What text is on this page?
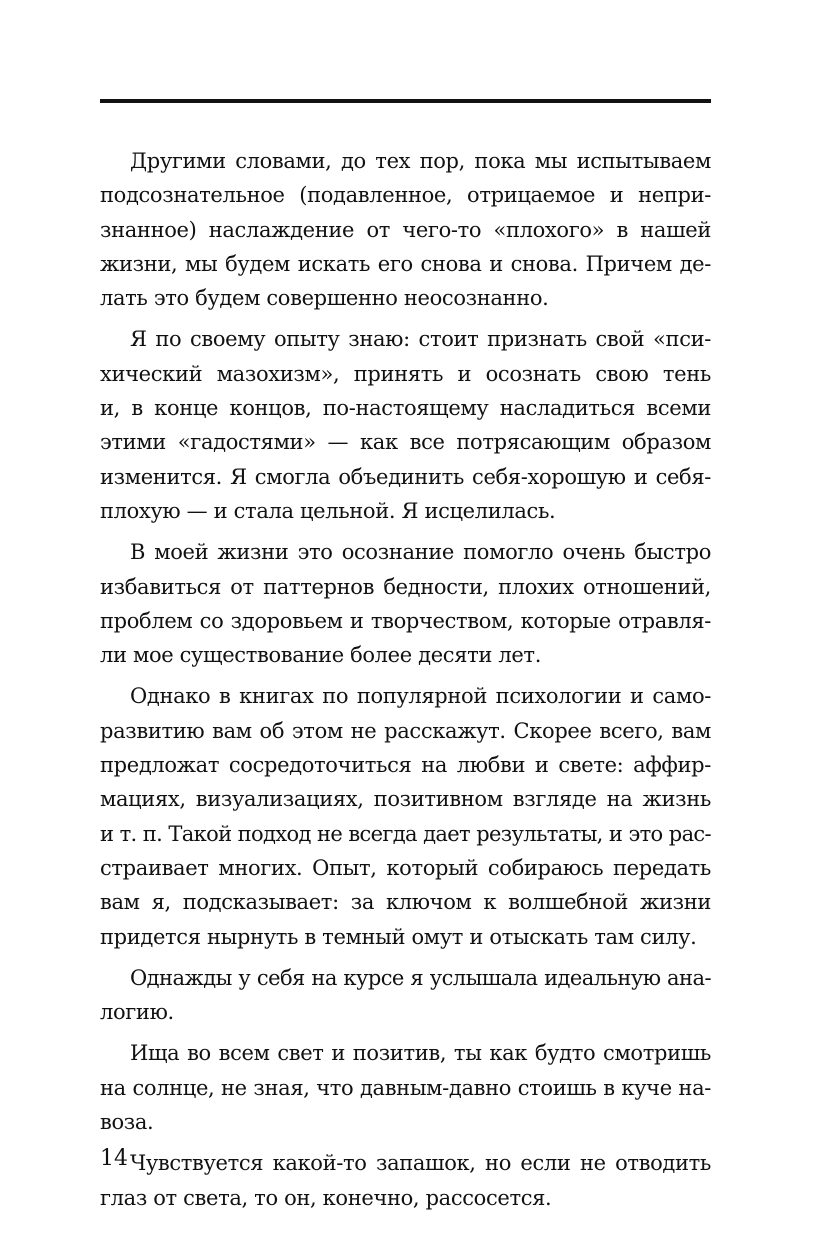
Другими словами, до тех пор, пока мы испытываем
подсознательное (подавленное, отрицаемое и непри-
знанное) наслаждение от чего-то «плохого» в нашей
жизни, мы будем искать его снова и снова. Причем де-
лать это будем совершенно неосознанно.
Я по своему опыту знаю: стоит признать свой «пси-
хический мазохизм», принять и осознать свою тень
и, в конце концов, по-настоящему насладиться всеми
этими «гадостями» — как все потрясающим образом
изменится. Я смогла объединить себя-хорошую и себя-
плохую — и стала цельной. Я исцелилась.
В моей жизни это осознание помогло очень быстро
избавиться от паттернов бедности, плохих отношений,
проблем со здоровьем и творчеством, которые отравля-
ли мое существование более десяти лет.
Однако в книгах по популярной психологии и само-
развитию вам об этом не расскажут. Скорее всего, вам
предложат сосредоточиться на любви и свете: аффир-
мациях, визуализациях, позитивном взгляде на жизнь
и т. п. Такой подход не всегда дает результаты, и это рас-
страивает многих. Опыт, который собираюсь передать
вам я, подсказывает: за ключом к волшебной жизни
придется нырнуть в темный омут и отыскать там силу.
Однажды у себя на курсе я услышала идеальную ана-
логию.
Ища во всем свет и позитив, ты как будто смотришь
на солнце, не зная, что давным-давно стоишь в куче на-
воза.
Чувствуется какой-то запашок, но если не отводить
глаз от света, то он, конечно, рассосется.
14
